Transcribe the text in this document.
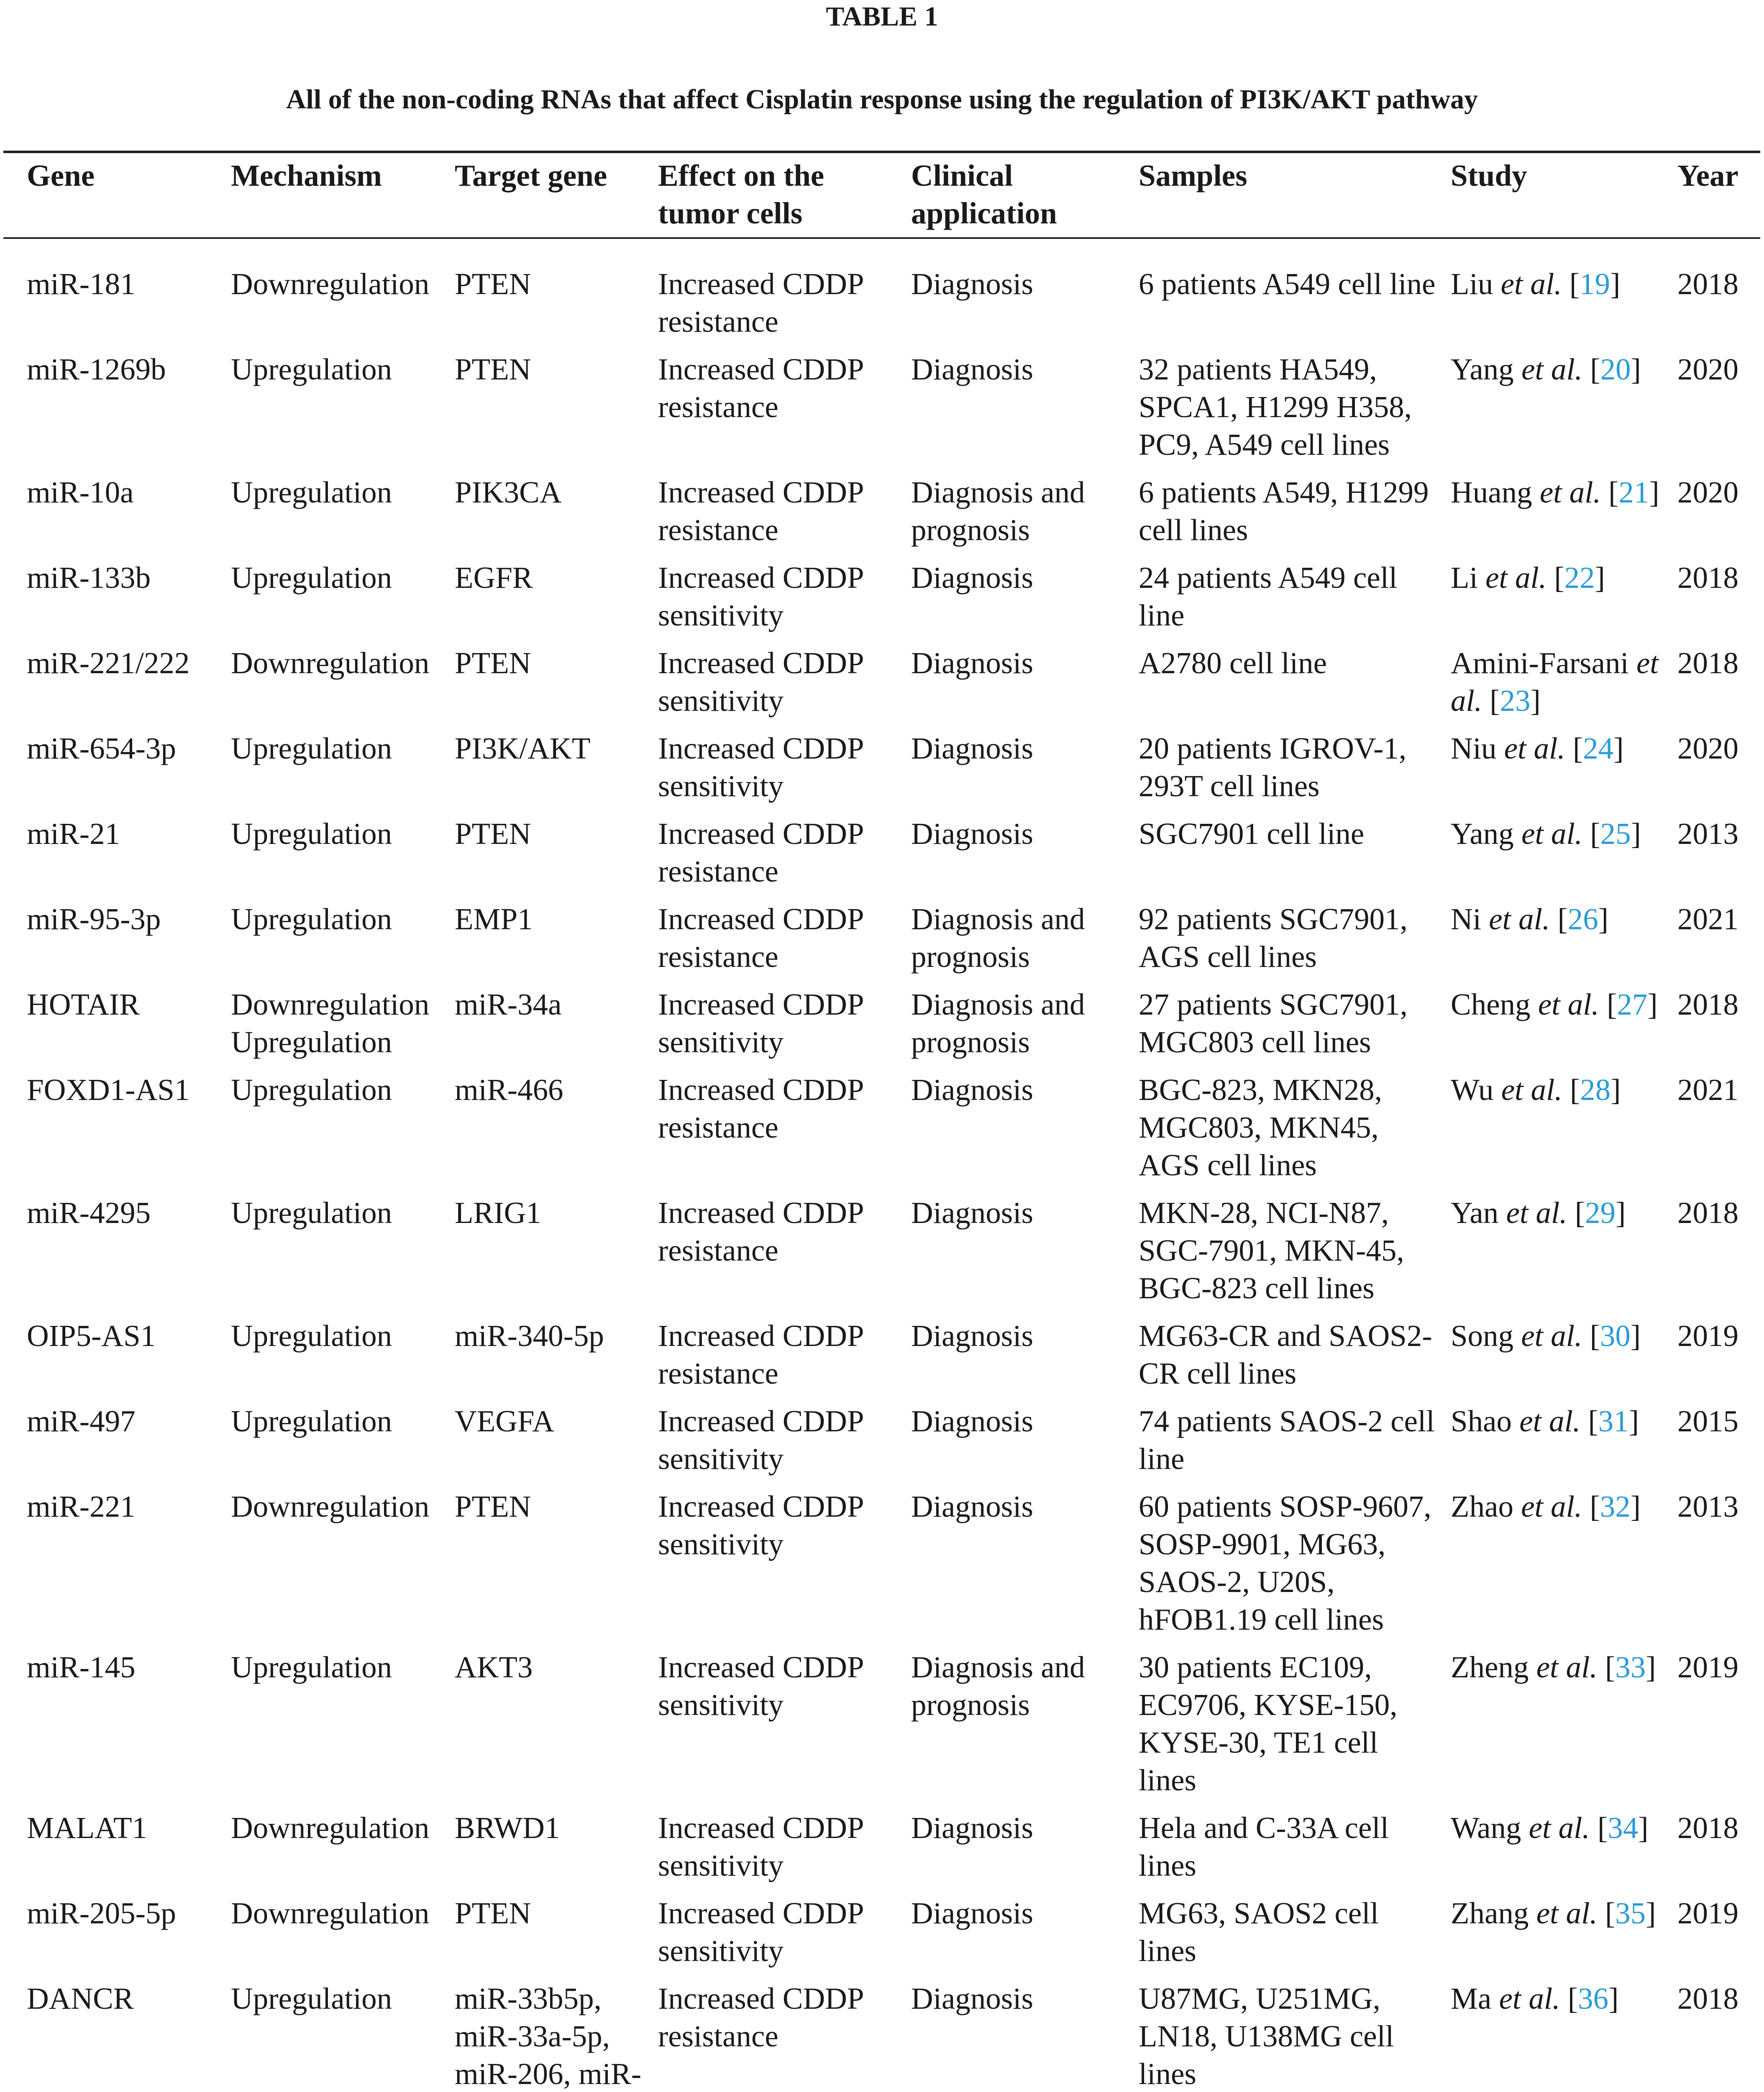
TABLE 1
All of the non-coding RNAs that affect Cisplatin response using the regulation of PI3K/AKT pathway
Gene	Mechanism	Target gene	Effect on the tumor cells	Clinical application	Samples	Study	Year
miR-181	Downregulation	PTEN	Increased CDDP resistance	Diagnosis	6 patients A549 cell line	Liu et al. [19]	2018
miR-1269b	Upregulation	PTEN	Increased CDDP resistance	Diagnosis	32 patients HA549, SPCA1, H1299 H358, PC9, A549 cell lines	Yang et al. [20]	2020
miR-10a	Upregulation	PIK3CA	Increased CDDP resistance	Diagnosis and prognosis	6 patients A549, H1299 cell lines	Huang et al. [21]	2020
miR-133b	Upregulation	EGFR	Increased CDDP sensitivity	Diagnosis	24 patients A549 cell line	Li et al. [22]	2018
miR-221/222	Downregulation	PTEN	Increased CDDP sensitivity	Diagnosis	A2780 cell line	Amini-Farsani et al. [23]	2018
miR-654-3p	Upregulation	PI3K/AKT	Increased CDDP sensitivity	Diagnosis	20 patients IGROV-1, 293T cell lines	Niu et al. [24]	2020
miR-21	Upregulation	PTEN	Increased CDDP resistance	Diagnosis	SGC7901 cell line	Yang et al. [25]	2013
miR-95-3p	Upregulation	EMP1	Increased CDDP resistance	Diagnosis and prognosis	92 patients SGC7901, AGS cell lines	Ni et al. [26]	2021
HOTAIR	Downregulation Upregulation	miR-34a	Increased CDDP sensitivity	Diagnosis and prognosis	27 patients SGC7901, MGC803 cell lines	Cheng et al. [27]	2018
FOXD1-AS1	Upregulation	miR-466	Increased CDDP resistance	Diagnosis	BGC-823, MKN28, MGC803, MKN45, AGS cell lines	Wu et al. [28]	2021
miR-4295	Upregulation	LRIG1	Increased CDDP resistance	Diagnosis	MKN-28, NCI-N87, SGC-7901, MKN-45, BGC-823 cell lines	Yan et al. [29]	2018
OIP5-AS1	Upregulation	miR-340-5p	Increased CDDP resistance	Diagnosis	MG63-CR and SAOS2-CR cell lines	Song et al. [30]	2019
miR-497	Upregulation	VEGFA	Increased CDDP sensitivity	Diagnosis	74 patients SAOS-2 cell line	Shao et al. [31]	2015
miR-221	Downregulation	PTEN	Increased CDDP sensitivity	Diagnosis	60 patients SOSP-9607, SOSP-9901, MG63, SAOS-2, U20S, hFOB1.19 cell lines	Zhao et al. [32]	2013
miR-145	Upregulation	AKT3	Increased CDDP sensitivity	Diagnosis and prognosis	30 patients EC109, EC9706, KYSE-150, KYSE-30, TE1 cell lines	Zheng et al. [33]	2019
MALAT1	Downregulation	BRWD1	Increased CDDP sensitivity	Diagnosis	Hela and C-33A cell lines	Wang et al. [34]	2018
miR-205-5p	Downregulation	PTEN	Increased CDDP sensitivity	Diagnosis	MG63, SAOS2 cell lines	Zhang et al. [35]	2019
DANCR	Upregulation	miR-33b5p, miR-33a-5p, miR-206, miR-	Increased CDDP resistance	Diagnosis	U87MG, U251MG, LN18, U138MG cell lines	Ma et al. [36]	2018
